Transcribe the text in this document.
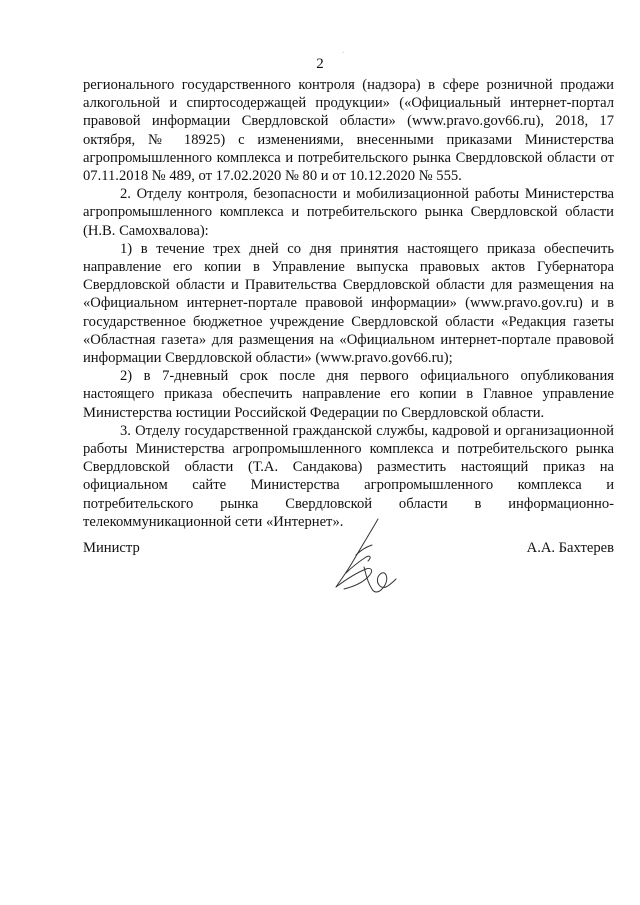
·
2

регионального государственного контроля (надзора) в сфере розничной продажи алкогольной и спиртосодержащей продукции» («Официальный интернет-портал правовой информации Свердловской области» (www.pravo.gov66.ru), 2018, 17 октября, № 18925) с изменениями, внесенными приказами Министерства агропромышленного комплекса и потребительского рынка Свердловской области от 07.11.2018 № 489, от 17.02.2020 № 80 и от 10.12.2020 № 555.

2. Отделу контроля, безопасности и мобилизационной работы Министерства агропромышленного комплекса и потребительского рынка Свердловской области (Н.В. Самохвалова):

1) в течение трех дней со дня принятия настоящего приказа обеспечить направление его копии в Управление выпуска правовых актов Губернатора Свердловской области и Правительства Свердловской области для размещения на «Официальном интернет-портале правовой информации» (www.pravo.gov.ru) и в государственное бюджетное учреждение Свердловской области «Редакция газеты «Областная газета» для размещения на «Официальном интернет-портале правовой информации Свердловской области» (www.pravo.gov66.ru);

2) в 7-дневный срок после дня первого официального опубликования настоящего приказа обеспечить направление его копии в Главное управление Министерства юстиции Российской Федерации по Свердловской области.

3. Отделу государственной гражданской службы, кадровой и организационной работы Министерства агропромышленного комплекса и потребительского рынка Свердловской области (Т.А. Сандакова) разместить настоящий приказ на официальном сайте Министерства агропромышленного комплекса и потребительского рынка Свердловской области в информационно-телекоммуникационной сети «Интернет».

Министр	А.А. Бахтерев
